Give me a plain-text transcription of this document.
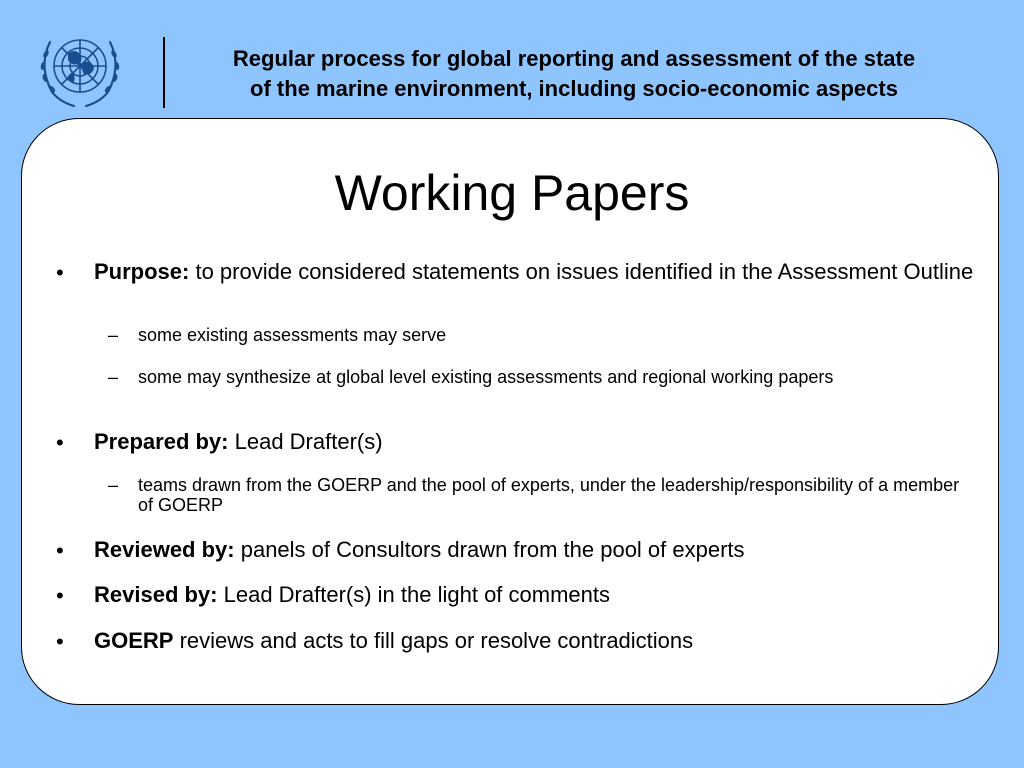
Regular process for global reporting and assessment of the state
of the marine environment, including socio-economic aspects
Working Papers
• Purpose: to provide considered statements on issues identified in the Assessment Outline
– some existing assessments may serve
– some may synthesize at global level existing assessments and regional working papers
• Prepared by: Lead Drafter(s)
– teams drawn from the GOERP and the pool of experts, under the leadership/responsibility of a member of GOERP
• Reviewed by: panels of Consultors drawn from the pool of experts
• Revised by: Lead Drafter(s) in the light of comments
• GOERP reviews and acts to fill gaps or resolve contradictions
